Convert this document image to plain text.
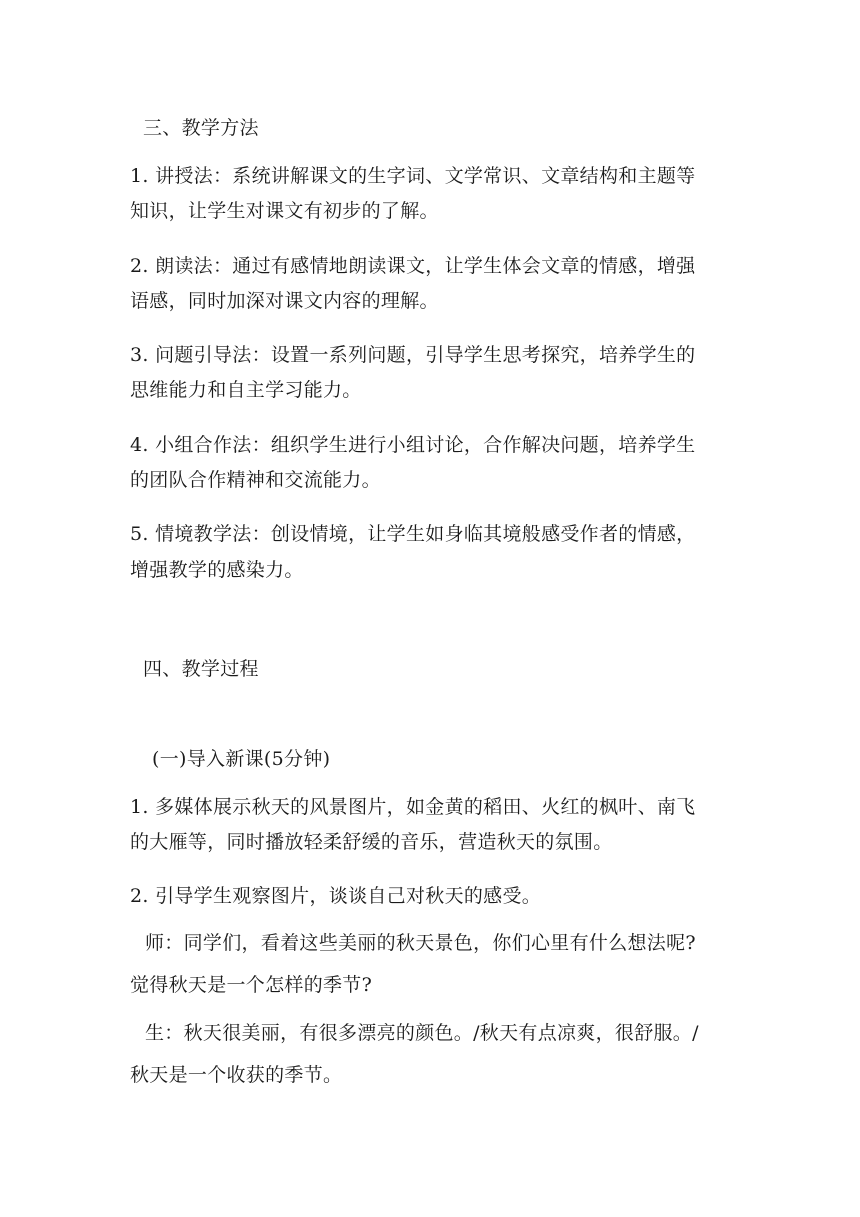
三、教学方法
1. 讲授法：系统讲解课文的生字词、文学常识、文章结构和主题等
知识，让学生对课文有初步的了解。
2. 朗读法：通过有感情地朗读课文，让学生体会文章的情感，增强
语感，同时加深对课文内容的理解。
3. 问题引导法：设置一系列问题，引导学生思考探究，培养学生的
思维能力和自主学习能力。
4. 小组合作法：组织学生进行小组讨论，合作解决问题，培养学生
的团队合作精神和交流能力。
5. 情境教学法：创设情境，让学生如身临其境般感受作者的情感，
增强教学的感染力。
四、教学过程
(一)导入新课(5分钟)
1. 多媒体展示秋天的风景图片，如金黄的稻田、火红的枫叶、南飞
的大雁等，同时播放轻柔舒缓的音乐，营造秋天的氛围。
2. 引导学生观察图片，谈谈自己对秋天的感受。
师：同学们，看着这些美丽的秋天景色，你们心里有什么想法呢?
觉得秋天是一个怎样的季节?
生：秋天很美丽，有很多漂亮的颜色。/秋天有点凉爽，很舒服。/
秋天是一个收获的季节。
